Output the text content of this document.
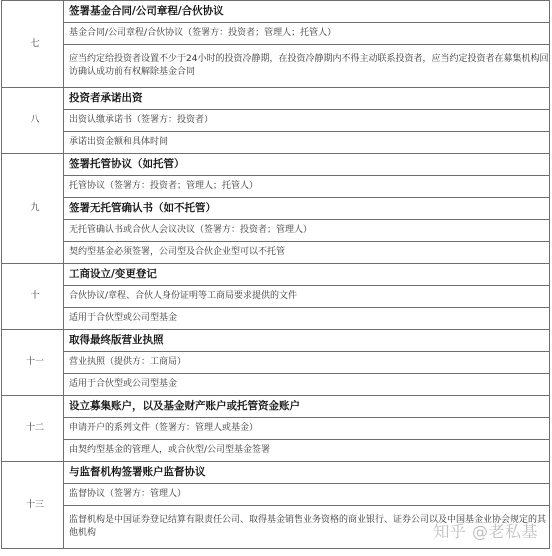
七	签署基金合同/公司章程/合伙协议

	基金合同/公司章程/合伙协议（签署方：投资者；管理人；托管人）

	应当约定给投资者设置不少于24小时的投资冷静期，在投资冷静期内不得主动联系投资者，应当约定投资者在募集机构回访确认成功前有权解除基金合同

八	投资者承诺出资

	出资认缴承诺书（签署方：投资者）

	承诺出资金额和具体时间

九	签署托管协议（如托管）

	托管协议（签署方：投资者；管理人；托管人）

	签署无托管确认书（如不托管）

	无托管确认书或合伙人会议决议（签署方：投资者；管理人）

	契约型基金必须签署，公司型及合伙企业型可以不托管

十	工商设立/变更登记

	合伙协议/章程、合伙人身份证明等工商局要求提供的文件

	适用于合伙型或公司型基金

十一	取得最终版营业执照

	营业执照（提供方：工商局）

	适用于合伙型或公司型基金

十二	设立募集账户，以及基金财产账户或托管资金账户

	申请开户的系列文件（签署方：管理人或基金）

	由契约型基金的管理人，或合伙型/公司型基金签署

十三	与监督机构签署账户监督协议

	监督协议（签署方：管理人）

	监督机构是中国证券登记结算有限责任公司、取得基金销售业务资格的商业银行、证券公司以及中国基金业协会规定的其他机构	知乎 @老私基
